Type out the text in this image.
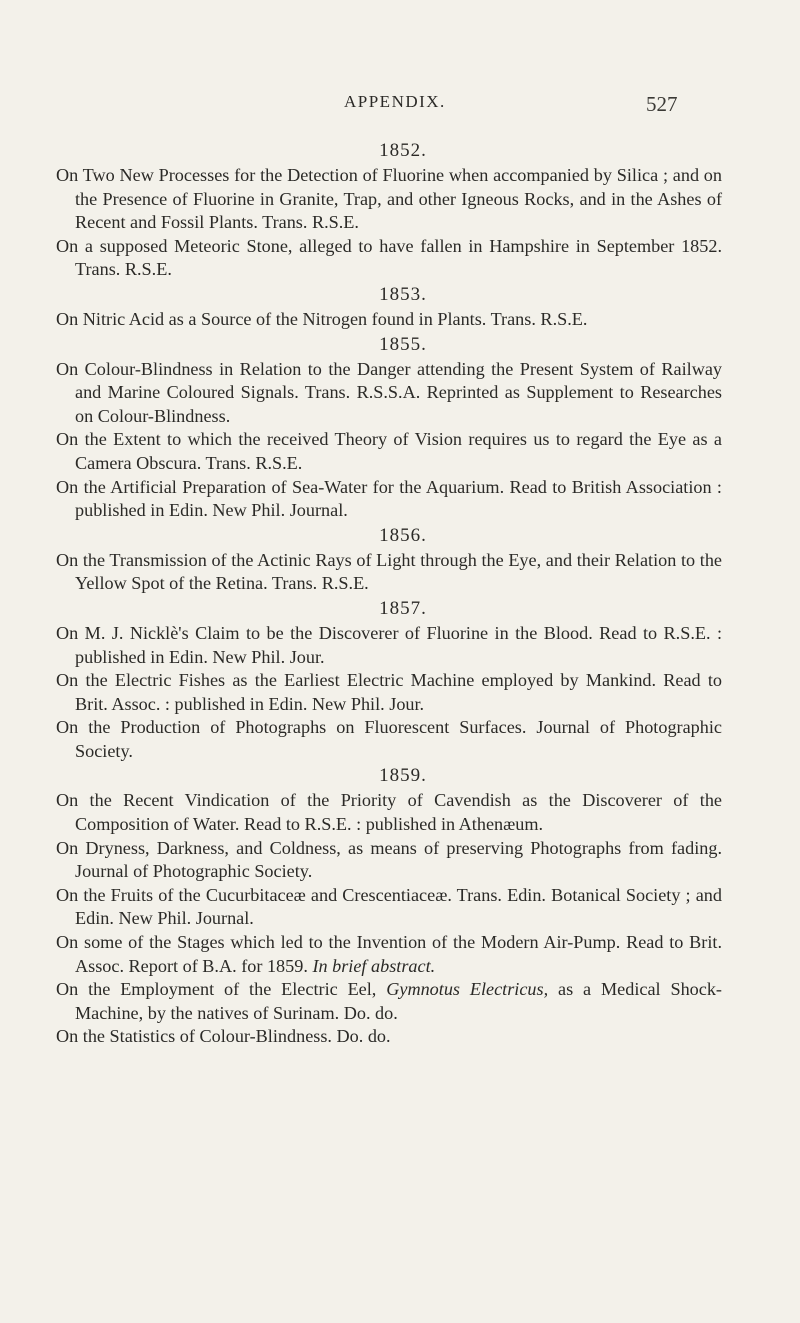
APPENDIX.	527
1852.
On Two New Processes for the Detection of Fluorine when accompanied by Silica ; and on the Presence of Fluorine in Granite, Trap, and other Igneous Rocks, and in the Ashes of Recent and Fossil Plants. Trans. R.S.E.
On a supposed Meteoric Stone, alleged to have fallen in Hampshire in September 1852. Trans. R.S.E.
1853.
On Nitric Acid as a Source of the Nitrogen found in Plants. Trans. R.S.E.
1855.
On Colour-Blindness in Relation to the Danger attending the Present System of Railway and Marine Coloured Signals. Trans. R.S.S.A. Reprinted as Supplement to Researches on Colour-Blindness.
On the Extent to which the received Theory of Vision requires us to regard the Eye as a Camera Obscura. Trans. R.S.E.
On the Artificial Preparation of Sea-Water for the Aquarium. Read to British Association : published in Edin. New Phil. Journal.
1856.
On the Transmission of the Actinic Rays of Light through the Eye, and their Relation to the Yellow Spot of the Retina. Trans. R.S.E.
1857.
On M. J. Nicklè's Claim to be the Discoverer of Fluorine in the Blood. Read to R.S.E. : published in Edin. New Phil. Jour.
On the Electric Fishes as the Earliest Electric Machine employed by Mankind. Read to Brit. Assoc. : published in Edin. New Phil. Jour.
On the Production of Photographs on Fluorescent Surfaces. Journal of Photographic Society.
1859.
On the Recent Vindication of the Priority of Cavendish as the Discoverer of the Composition of Water. Read to R.S.E. : published in Athenæum.
On Dryness, Darkness, and Coldness, as means of preserving Photographs from fading. Journal of Photographic Society.
On the Fruits of the Cucurbitaceæ and Crescentiaceæ. Trans. Edin. Botanical Society ; and Edin. New Phil. Journal.
On some of the Stages which led to the Invention of the Modern Air-Pump. Read to Brit. Assoc. Report of B.A. for 1859. In brief abstract.
On the Employment of the Electric Eel, Gymnotus Electricus, as a Medical Shock-Machine, by the natives of Surinam. Do. do.
On the Statistics of Colour-Blindness. Do. do.
